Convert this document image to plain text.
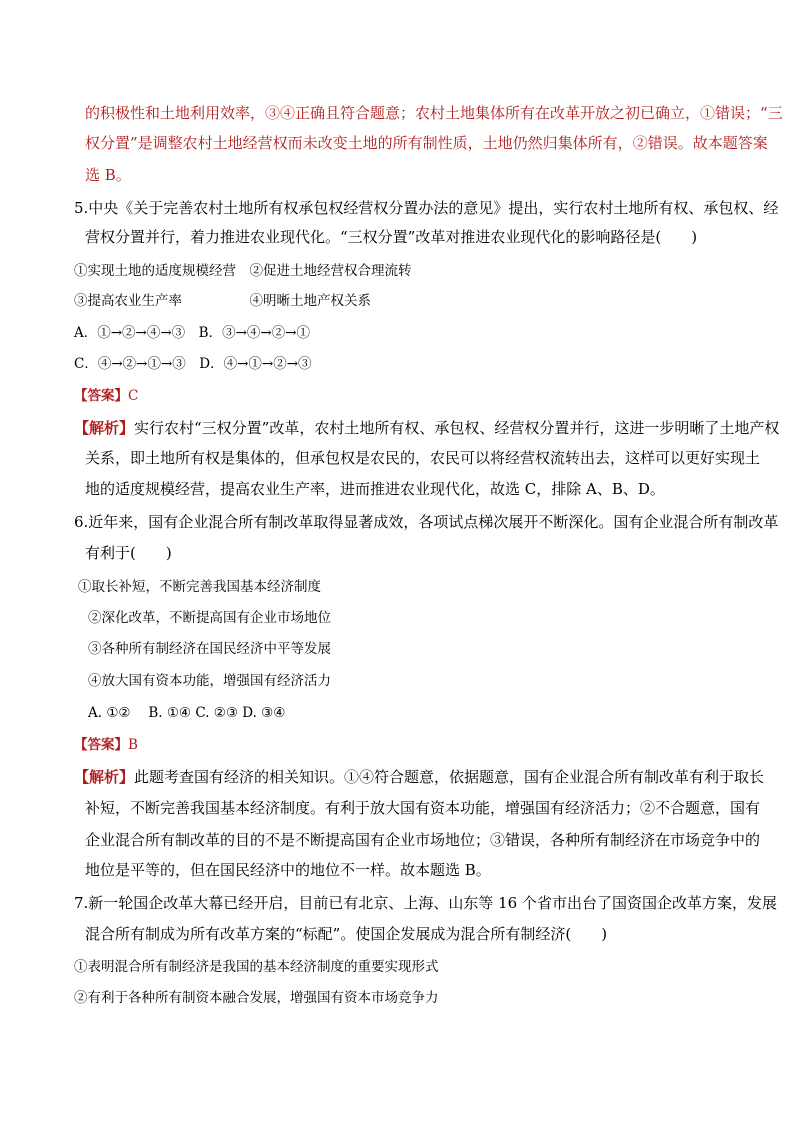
的积极性和土地利用效率，③④正确且符合题意；农村土地集体所有在改革开放之初已确立，①错误；“三
权分置”是调整农村土地经营权而未改变土地的所有制性质，土地仍然归集体所有，②错误。故本题答案
选 B。
5.中央《关于完善农村土地所有权承包权经营权分置办法的意见》提出，实行农村土地所有权、承包权、经
营权分置并行，着力推进农业现代化。“三权分置”改革对推进农业现代化的影响路径是(　　)
①实现土地的适度规模经营　②促进土地经营权合理流转
③提高农业生产率　　　　　④明晰土地产权关系
A．①→②→④→③　B．③→④→②→①
C．④→②→①→③　D．④→①→②→③
【答案】C
【解析】实行农村“三权分置”改革，农村土地所有权、承包权、经营权分置并行，这进一步明晰了土地产权
关系，即土地所有权是集体的，但承包权是农民的，农民可以将经营权流转出去，这样可以更好实现土
地的适度规模经营，提高农业生产率，进而推进农业现代化，故选 C，排除 A、B、D。
6.近年来，国有企业混合所有制改革取得显著成效，各项试点梯次展开不断深化。国有企业混合所有制改革
有利于(　　)
①取长补短，不断完善我国基本经济制度
②深化改革，不断提高国有企业市场地位
③各种所有制经济在国民经济中平等发展
④放大国有资本功能，增强国有经济活力
A. ①②　 B. ①④ C. ②③ D. ③④
【答案】B
【解析】此题考查国有经济的相关知识。①④符合题意，依据题意，国有企业混合所有制改革有利于取长
补短，不断完善我国基本经济制度。有利于放大国有资本功能，增强国有经济活力；②不合题意，国有
企业混合所有制改革的目的不是不断提高国有企业市场地位；③错误，各种所有制经济在市场竞争中的
地位是平等的，但在国民经济中的地位不一样。故本题选 B。
7.新一轮国企改革大幕已经开启，目前已有北京、上海、山东等 16 个省市出台了国资国企改革方案，发展
混合所有制成为所有改革方案的“标配”。使国企发展成为混合所有制经济(　　)
①表明混合所有制经济是我国的基本经济制度的重要实现形式
②有利于各种所有制资本融合发展，增强国有资本市场竞争力
